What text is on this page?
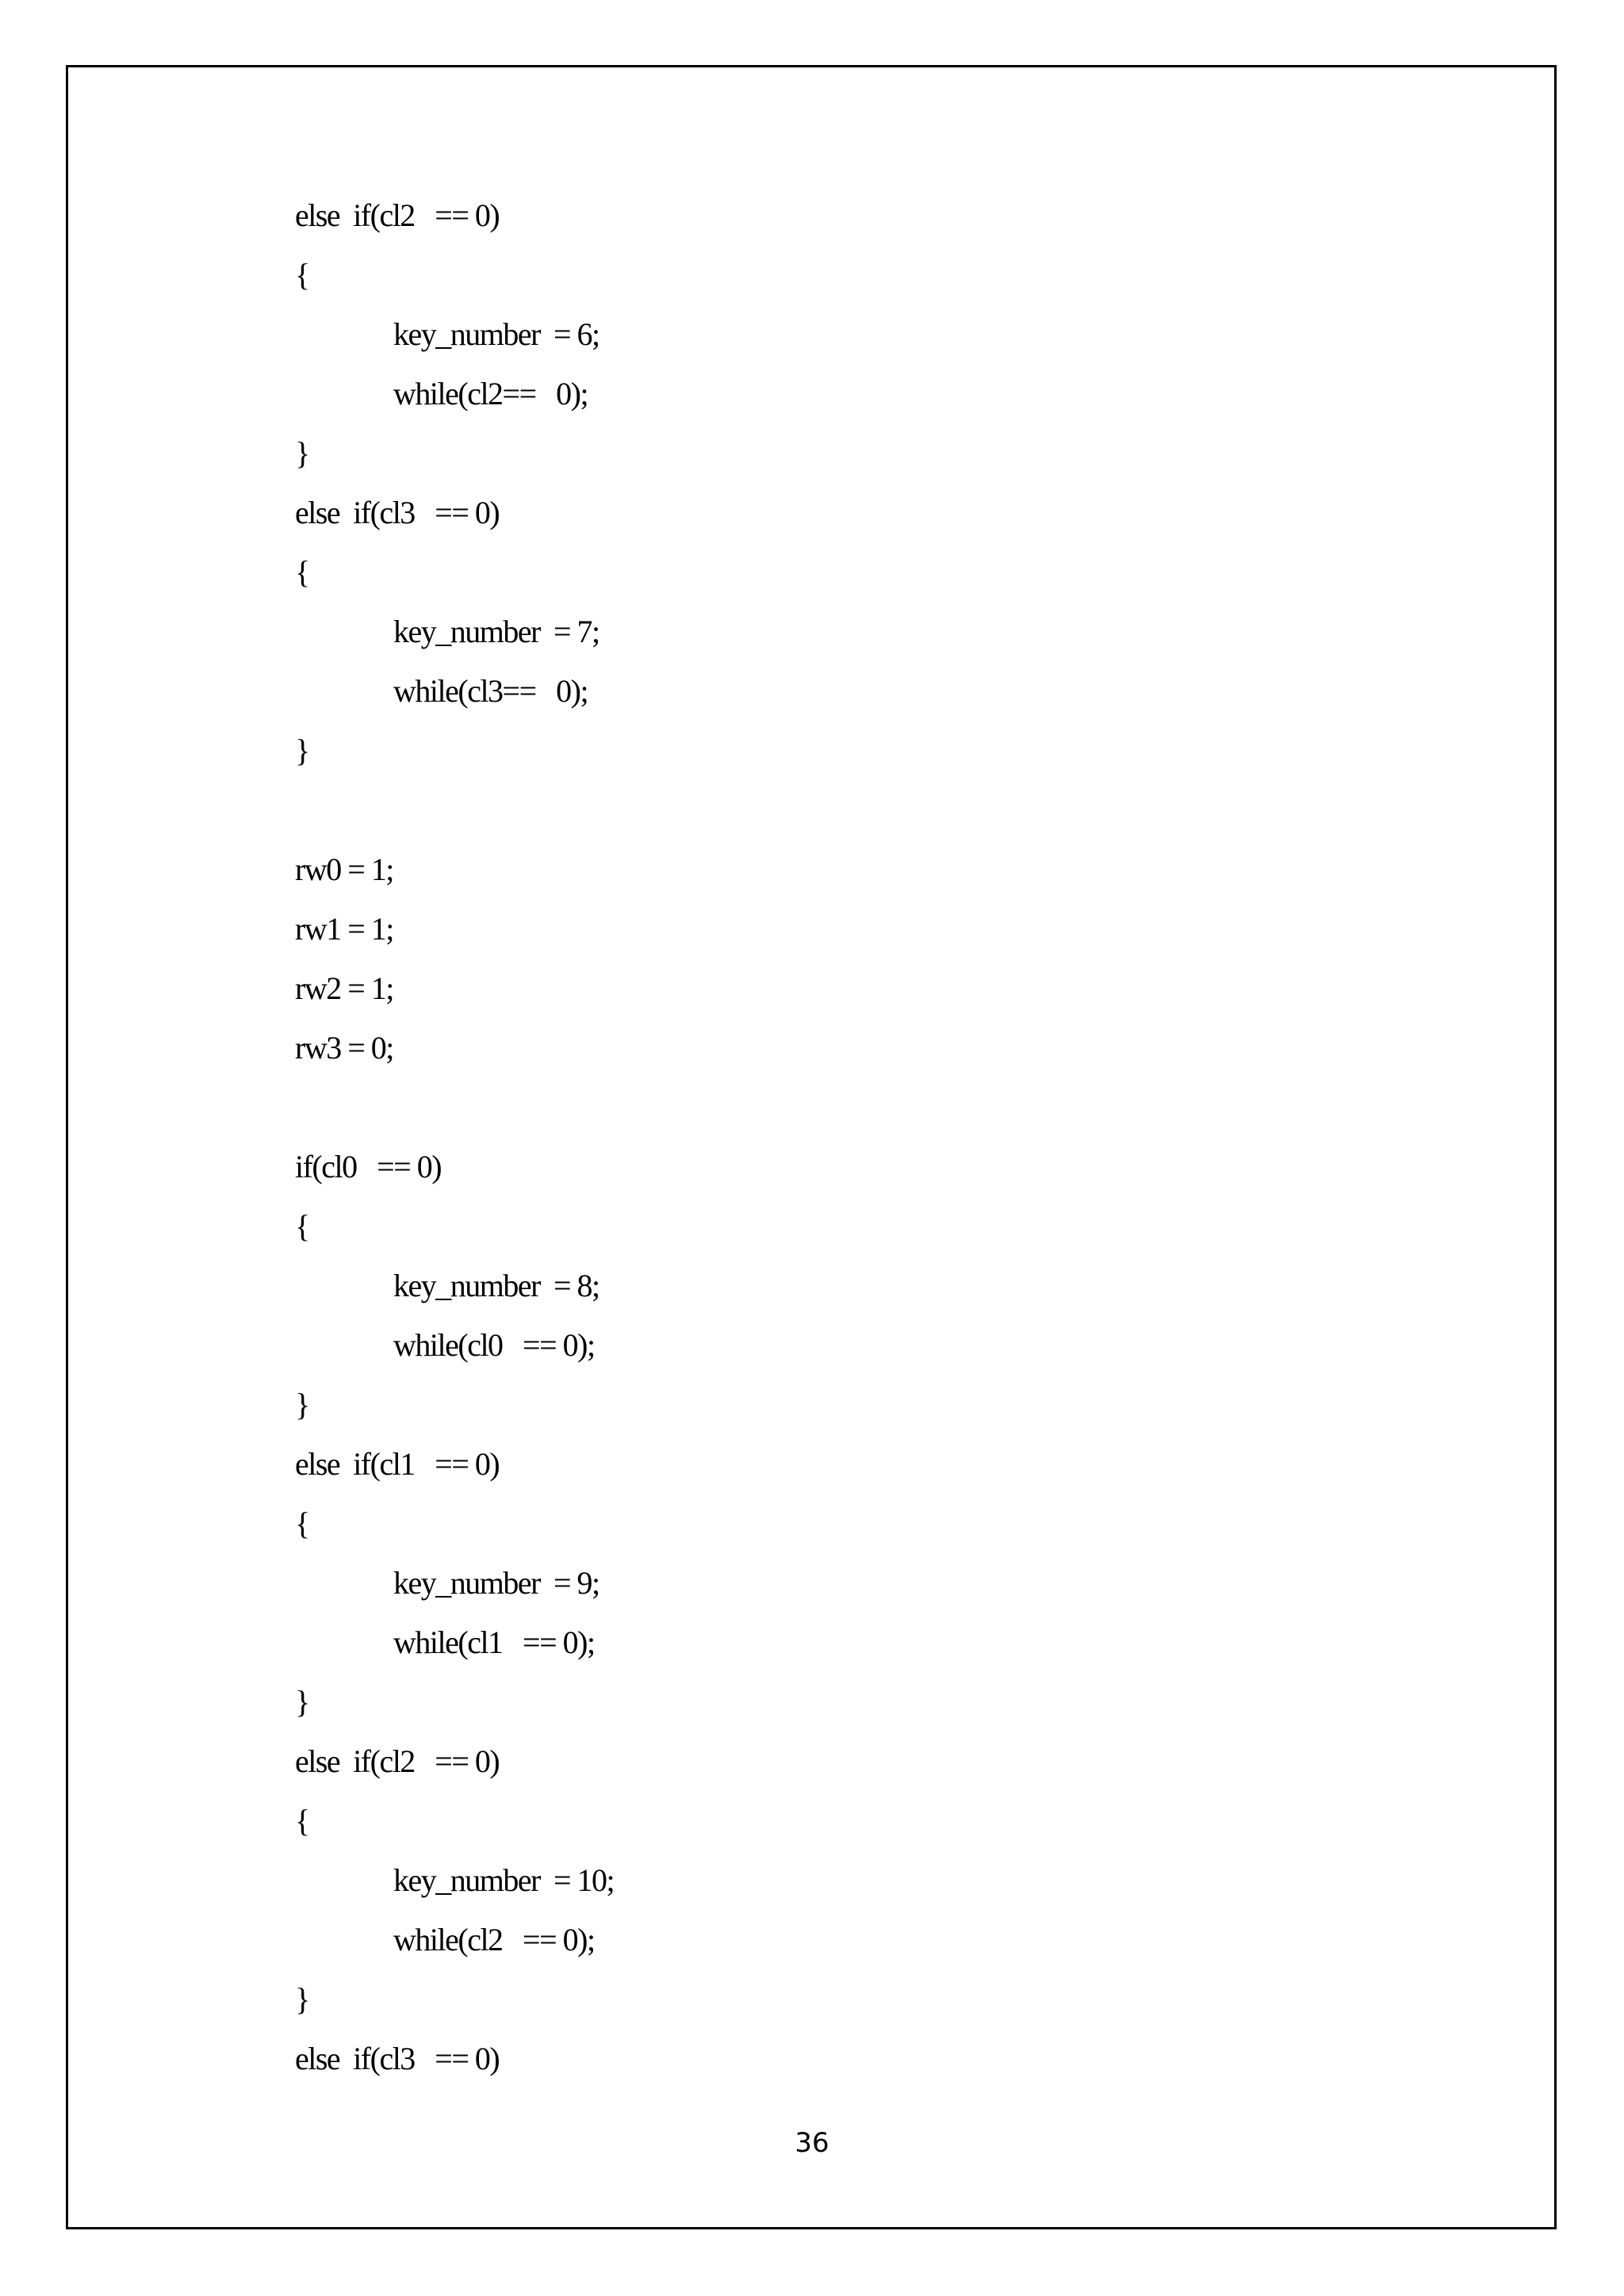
else  if(cl2   == 0)
{
key_number  = 6;
while(cl2==   0);
}
else  if(cl3   == 0)
{
key_number  = 7;
while(cl3==   0);
}
rw0 = 1;
rw1 = 1;
rw2 = 1;
rw3 = 0;
if(cl0   == 0)
{
key_number  = 8;
while(cl0   == 0);
}
else  if(cl1   == 0)
{
key_number  = 9;
while(cl1   == 0);
}
else  if(cl2   == 0)
{
key_number  = 10;
while(cl2   == 0);
}
else  if(cl3   == 0)
36
